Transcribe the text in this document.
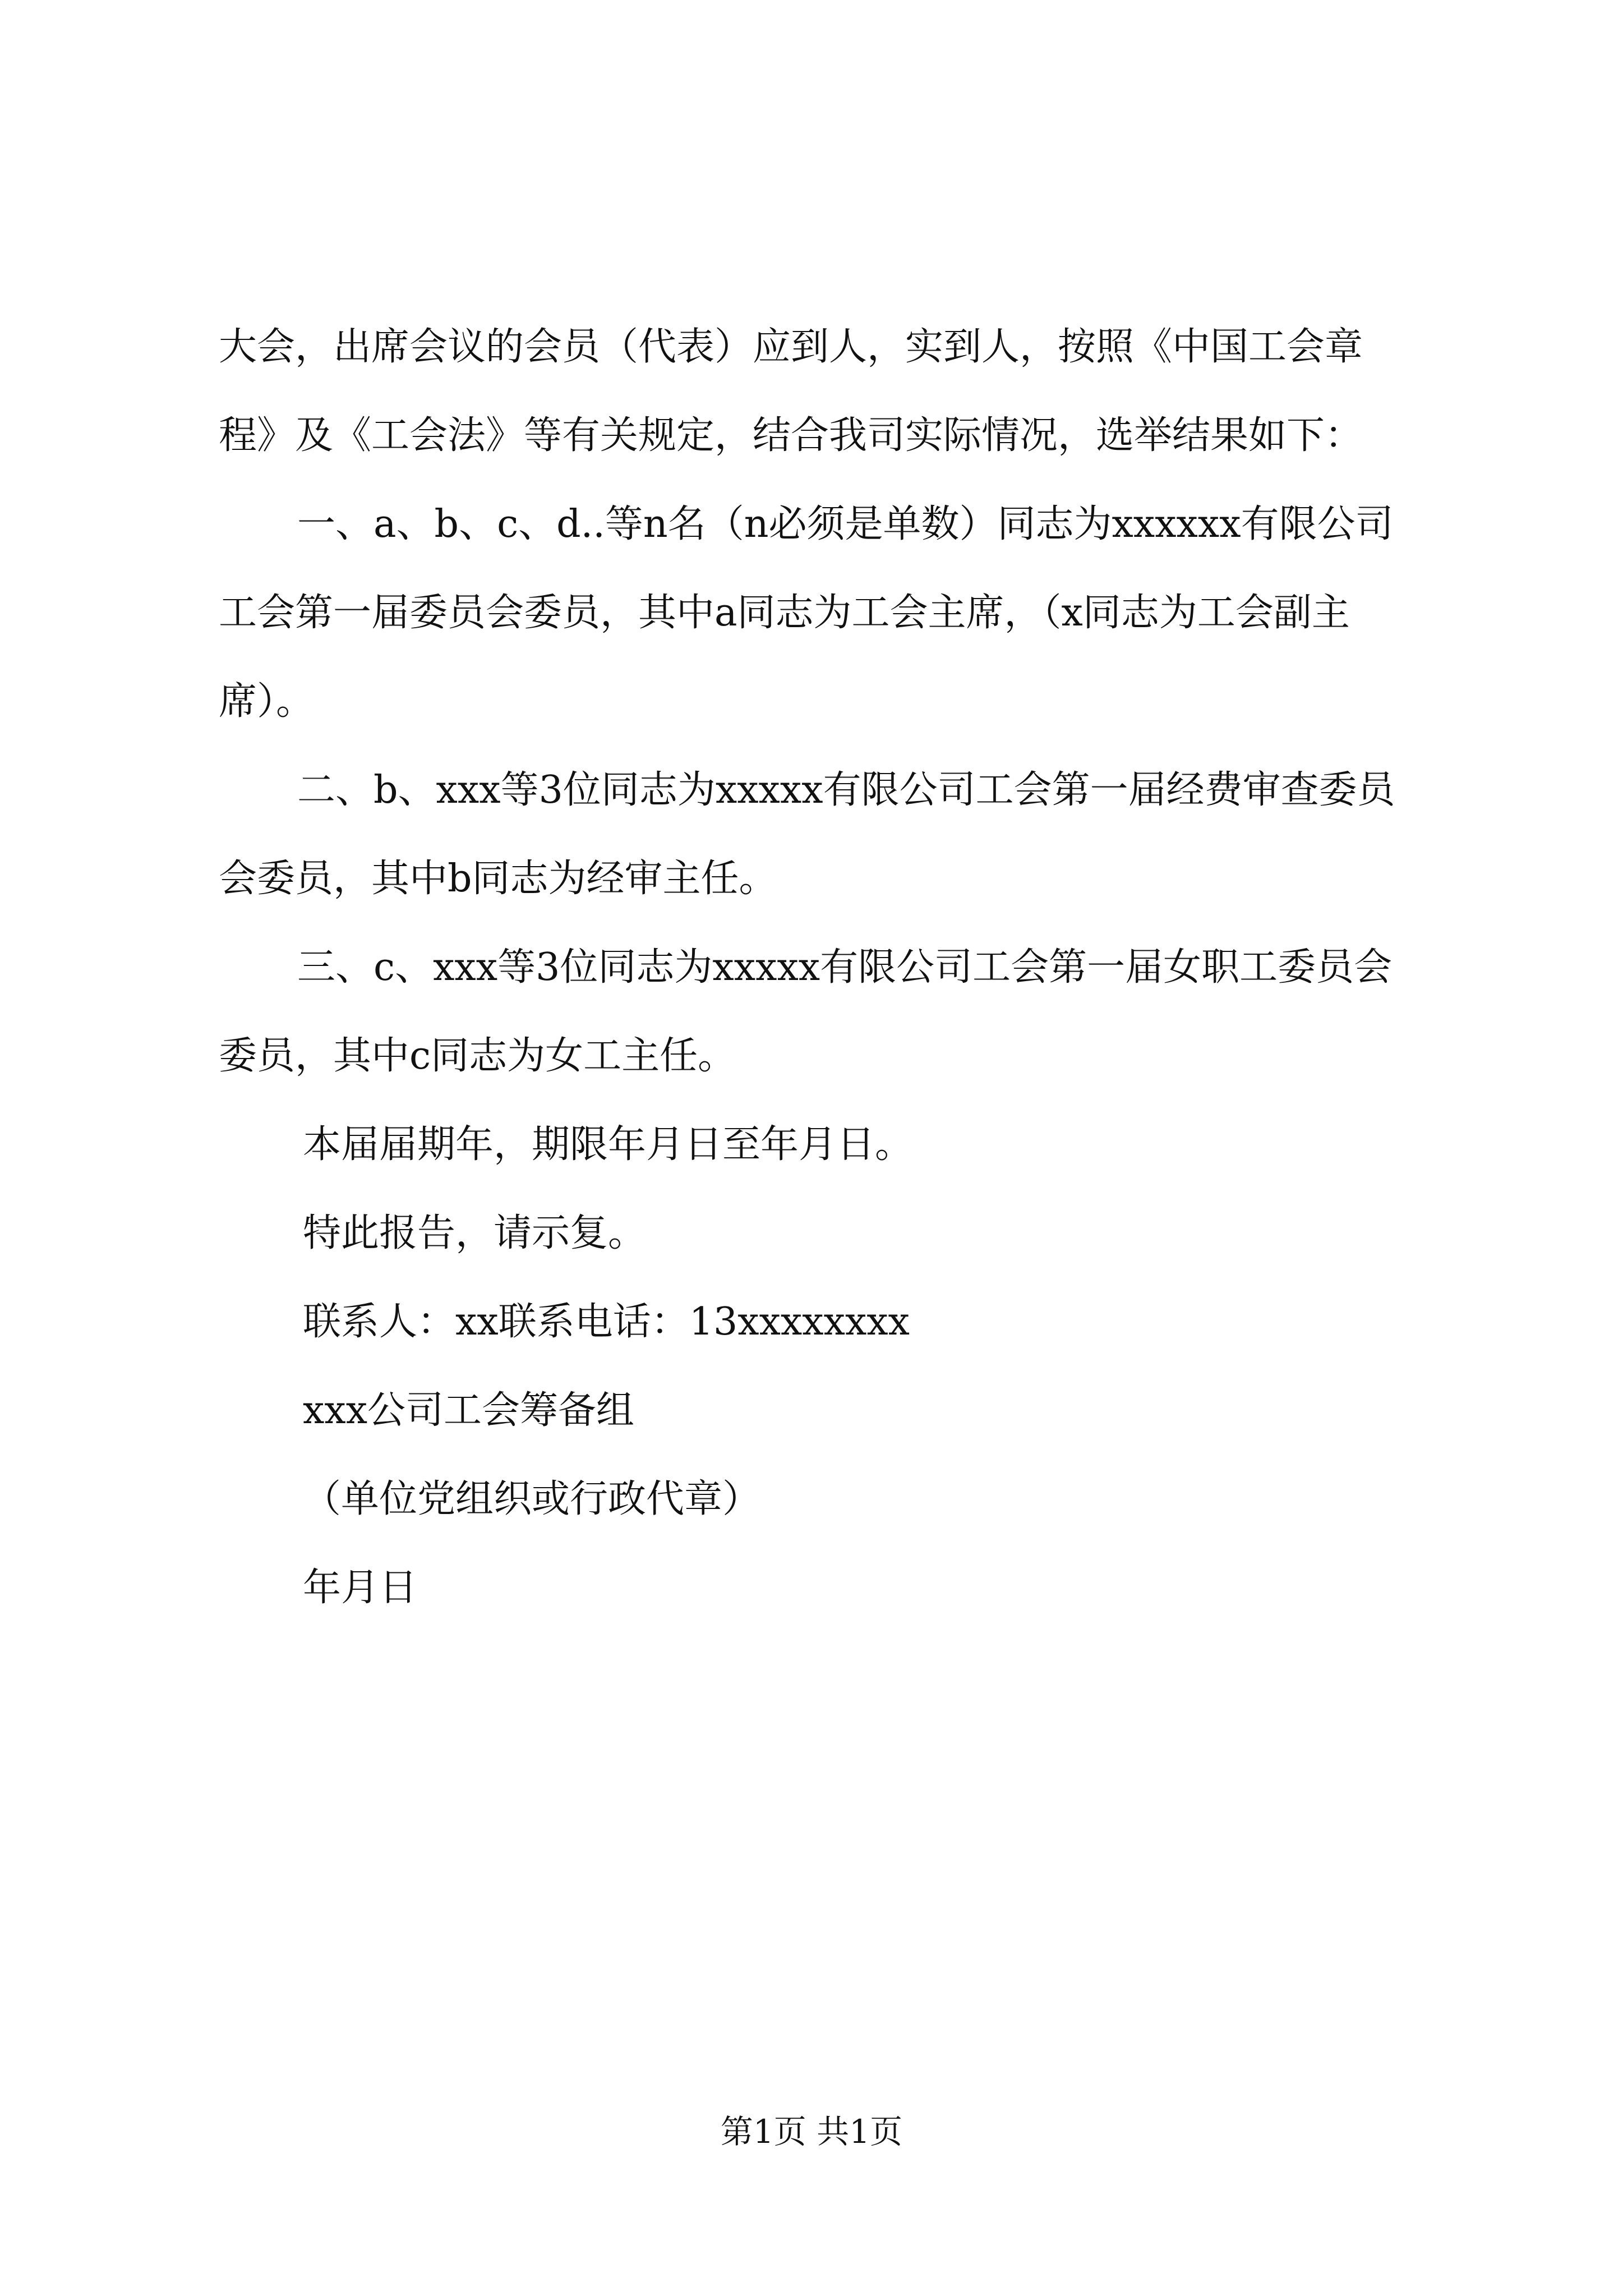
大会，出席会议的会员（代表）应到人，实到人，按照《中国工会章程》及《工会法》等有关规定，结合我司实际情况，选举结果如下：

一、a、b、c、d..等n名（n必须是单数）同志为xxxxxx有限公司工会第一届委员会委员，其中a同志为工会主席，（x同志为工会副主席）。

二、b、xxx等3位同志为xxxxx有限公司工会第一届经费审查委员会委员，其中b同志为经审主任。

三、c、xxx等3位同志为xxxxx有限公司工会第一届女职工委员会委员，其中c同志为女工主任。

本届届期年，期限年月日至年月日。

特此报告，请示复。

联系人：xx联系电话：13xxxxxxxx

xxx公司工会筹备组

（单位党组织或行政代章）

年月日

第1页 共1页
